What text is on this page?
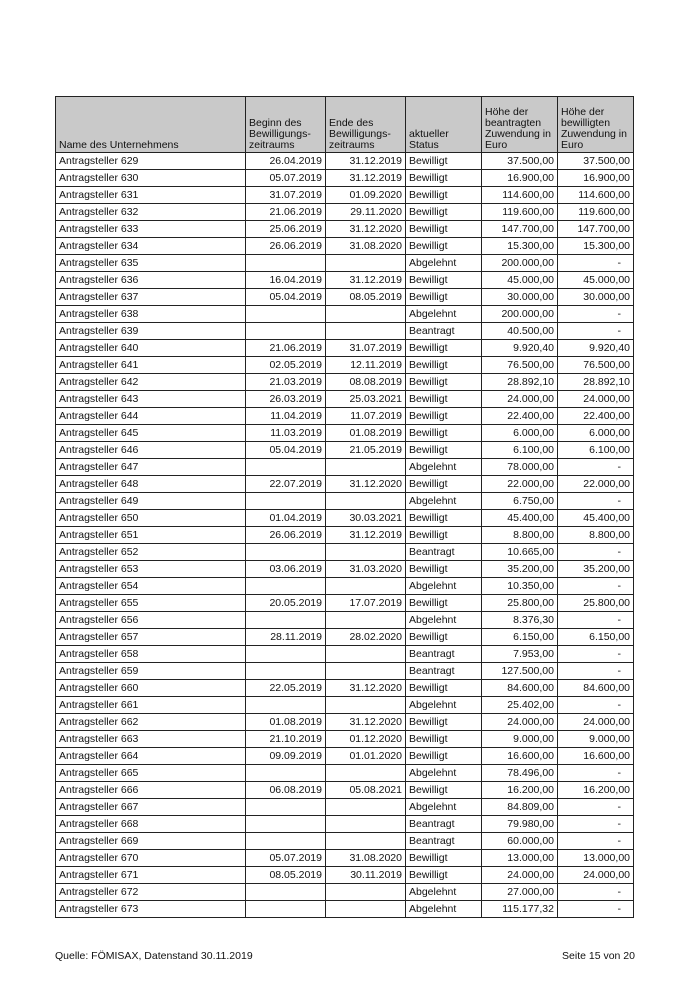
Name des Unternehmens	Beginn des Bewilligungs-zeitraums	Ende des Bewilligungs-zeitraums	aktueller Status	Höhe der beantragten Zuwendung in Euro	Höhe der bewilligten Zuwendung in Euro
Antragsteller 629	26.04.2019	31.12.2019	Bewilligt	37.500,00	37.500,00
Antragsteller 630	05.07.2019	31.12.2019	Bewilligt	16.900,00	16.900,00
Antragsteller 631	31.07.2019	01.09.2020	Bewilligt	114.600,00	114.600,00
Antragsteller 632	21.06.2019	29.11.2020	Bewilligt	119.600,00	119.600,00
Antragsteller 633	25.06.2019	31.12.2020	Bewilligt	147.700,00	147.700,00
Antragsteller 634	26.06.2019	31.08.2020	Bewilligt	15.300,00	15.300,00
Antragsteller 635			Abgelehnt	200.000,00	-
Antragsteller 636	16.04.2019	31.12.2019	Bewilligt	45.000,00	45.000,00
Antragsteller 637	05.04.2019	08.05.2019	Bewilligt	30.000,00	30.000,00
Antragsteller 638			Abgelehnt	200.000,00	-
Antragsteller 639			Beantragt	40.500,00	-
Antragsteller 640	21.06.2019	31.07.2019	Bewilligt	9.920,40	9.920,40
Antragsteller 641	02.05.2019	12.11.2019	Bewilligt	76.500,00	76.500,00
Antragsteller 642	21.03.2019	08.08.2019	Bewilligt	28.892,10	28.892,10
Antragsteller 643	26.03.2019	25.03.2021	Bewilligt	24.000,00	24.000,00
Antragsteller 644	11.04.2019	11.07.2019	Bewilligt	22.400,00	22.400,00
Antragsteller 645	11.03.2019	01.08.2019	Bewilligt	6.000,00	6.000,00
Antragsteller 646	05.04.2019	21.05.2019	Bewilligt	6.100,00	6.100,00
Antragsteller 647			Abgelehnt	78.000,00	-
Antragsteller 648	22.07.2019	31.12.2020	Bewilligt	22.000,00	22.000,00
Antragsteller 649			Abgelehnt	6.750,00	-
Antragsteller 650	01.04.2019	30.03.2021	Bewilligt	45.400,00	45.400,00
Antragsteller 651	26.06.2019	31.12.2019	Bewilligt	8.800,00	8.800,00
Antragsteller 652			Beantragt	10.665,00	-
Antragsteller 653	03.06.2019	31.03.2020	Bewilligt	35.200,00	35.200,00
Antragsteller 654			Abgelehnt	10.350,00	-
Antragsteller 655	20.05.2019	17.07.2019	Bewilligt	25.800,00	25.800,00
Antragsteller 656			Abgelehnt	8.376,30	-
Antragsteller 657	28.11.2019	28.02.2020	Bewilligt	6.150,00	6.150,00
Antragsteller 658			Beantragt	7.953,00	-
Antragsteller 659			Beantragt	127.500,00	-
Antragsteller 660	22.05.2019	31.12.2020	Bewilligt	84.600,00	84.600,00
Antragsteller 661			Abgelehnt	25.402,00	-
Antragsteller 662	01.08.2019	31.12.2020	Bewilligt	24.000,00	24.000,00
Antragsteller 663	21.10.2019	01.12.2020	Bewilligt	9.000,00	9.000,00
Antragsteller 664	09.09.2019	01.01.2020	Bewilligt	16.600,00	16.600,00
Antragsteller 665			Abgelehnt	78.496,00	-
Antragsteller 666	06.08.2019	05.08.2021	Bewilligt	16.200,00	16.200,00
Antragsteller 667			Abgelehnt	84.809,00	-
Antragsteller 668			Beantragt	79.980,00	-
Antragsteller 669			Beantragt	60.000,00	-
Antragsteller 670	05.07.2019	31.08.2020	Bewilligt	13.000,00	13.000,00
Antragsteller 671	08.05.2019	30.11.2019	Bewilligt	24.000,00	24.000,00
Antragsteller 672			Abgelehnt	27.000,00	-
Antragsteller 673			Abgelehnt	115.177,32	-
Quelle: FÖMISAX, Datenstand 30.11.2019	Seite 15 von 20
